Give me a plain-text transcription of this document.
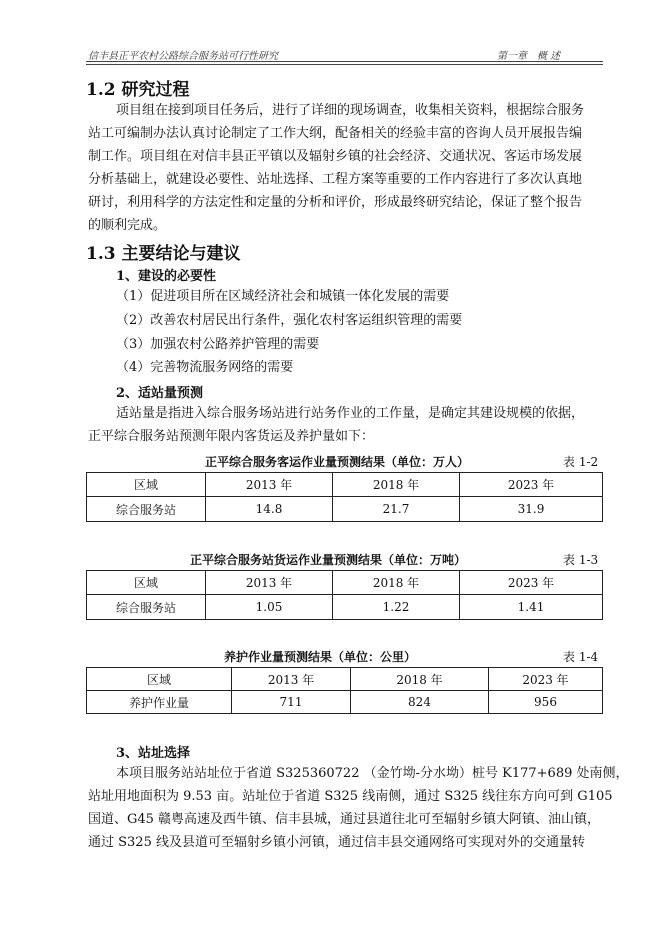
信丰县正平农村公路综合服务站可行性研究	第一章　概 述
1.2 研究过程
项目组在接到项目任务后，进行了详细的现场调查，收集相关资料，根据综合服务
站工可编制办法认真讨论制定了工作大纲，配备相关的经验丰富的咨询人员开展报告编
制工作。项目组在对信丰县正平镇以及辐射乡镇的社会经济、交通状况、客运市场发展
分析基础上，就建设必要性、站址选择、工程方案等重要的工作内容进行了多次认真地
研讨，利用科学的方法定性和定量的分析和评价，形成最终研究结论，保证了整个报告
的顺利完成。
1.3 主要结论与建议
1、建设的必要性
（1）促进项目所在区域经济社会和城镇一体化发展的需要
（2）改善农村居民出行条件，强化农村客运组织管理的需要
（3）加强农村公路养护管理的需要
（4）完善物流服务网络的需要
2、适站量预测
适站量是指进入综合服务场站进行站务作业的工作量，是确定其建设规模的依据，
正平综合服务站预测年限内客货运及养护量如下：
正平综合服务客运作业量预测结果（单位：万人）	表 1-2
区域	2013 年	2018 年	2023 年
综合服务站	14.8	21.7	31.9
正平综合服务站货运作业量预测结果（单位：万吨）	表 1-3
区域	2013 年	2018 年	2023 年
综合服务站	1.05	1.22	1.41
养护作业量预测结果（单位：公里）	表 1-4
区域	2013 年	2018 年	2023 年
养护作业量	711	824	956
3、站址选择
本项目服务站站址位于省道 S325360722 （金竹坳-分水坳）桩号 K177+689 处南侧，
站址用地面积为 9.53 亩。站址位于省道 S325 线南侧，通过 S325 线往东方向可到 G105
国道、G45 赣粤高速及西牛镇、信丰县城，通过县道往北可至辐射乡镇大阿镇、油山镇，
通过 S325 线及县道可至辐射乡镇小河镇，通过信丰县交通网络可实现对外的交通量转
